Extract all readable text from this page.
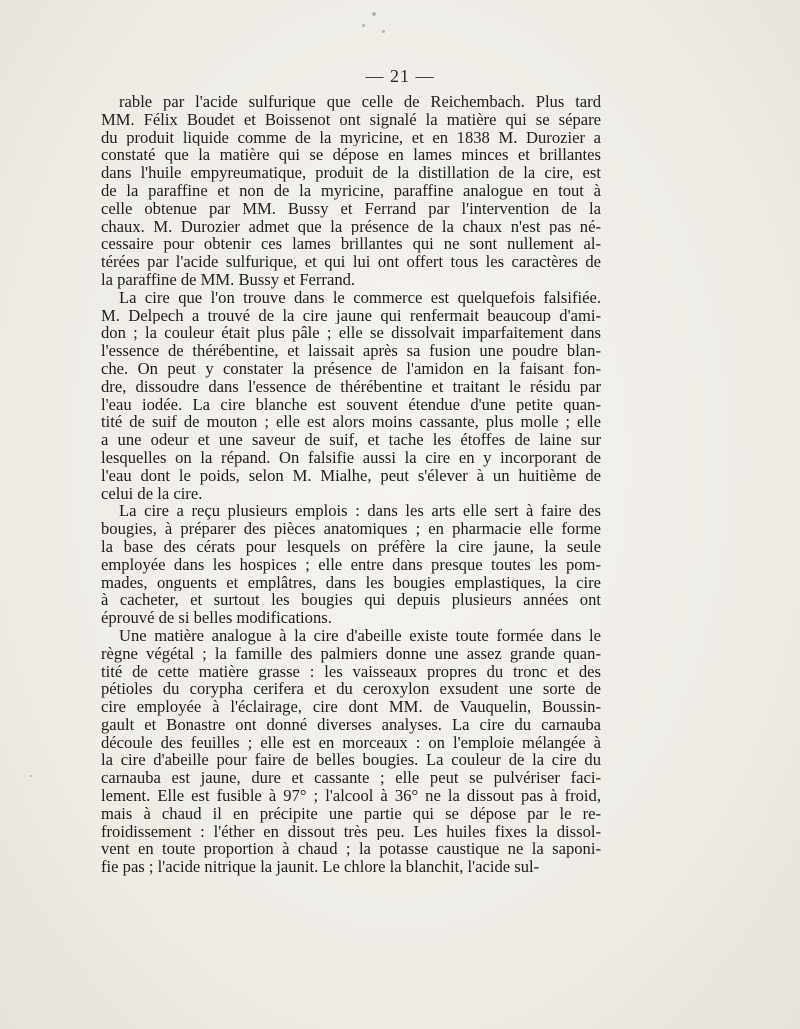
— 21 —
rable par l'acide sulfurique que celle de Reichembach. Plus tard
MM. Félix Boudet et Boissenot ont signalé la matière qui se sépare
du produit liquide comme de la myricine, et en 1838 M. Durozier a
constaté que la matière qui se dépose en lames minces et brillantes
dans l'huile empyreumatique, produit de la distillation de la cire, est
de la paraffine et non de la myricine, paraffine analogue en tout à
celle obtenue par MM. Bussy et Ferrand par l'intervention de la
chaux. M. Durozier admet que la présence de la chaux n'est pas né-
cessaire pour obtenir ces lames brillantes qui ne sont nullement al-
térées par l'acide sulfurique, et qui lui ont offert tous les caractères de
la paraffine de MM. Bussy et Ferrand.
La cire que l'on trouve dans le commerce est quelquefois falsifiée.
M. Delpech a trouvé de la cire jaune qui renfermait beaucoup d'ami-
don ; la couleur était plus pâle ; elle se dissolvait imparfaitement dans
l'essence de thérébentine, et laissait après sa fusion une poudre blan-
che. On peut y constater la présence de l'amidon en la faisant fon-
dre, dissoudre dans l'essence de thérébentine et traitant le résidu par
l'eau iodée. La cire blanche est souvent étendue d'une petite quan-
tité de suif de mouton ; elle est alors moins cassante, plus molle ; elle
a une odeur et une saveur de suif, et tache les étoffes de laine sur
lesquelles on la répand. On falsifie aussi la cire en y incorporant de
l'eau dont le poids, selon M. Mialhe, peut s'élever à un huitième de
celui de la cire.
La cire a reçu plusieurs emplois : dans les arts elle sert à faire des
bougies, à préparer des pièces anatomiques ; en pharmacie elle forme
la base des cérats pour lesquels on préfère la cire jaune, la seule
employée dans les hospices ; elle entre dans presque toutes les pom-
mades, onguents et emplâtres, dans les bougies emplastiques, la cire
à cacheter, et surtout les bougies qui depuis plusieurs années ont
éprouvé de si belles modifications.
Une matière analogue à la cire d'abeille existe toute formée dans le
règne végétal ; la famille des palmiers donne une assez grande quan-
tité de cette matière grasse : les vaisseaux propres du tronc et des
pétioles du corypha cerifera et du ceroxylon exsudent une sorte de
cire employée à l'éclairage, cire dont MM. de Vauquelin, Boussin-
gault et Bonastre ont donné diverses analyses. La cire du carnauba
découle des feuilles ; elle est en morceaux : on l'emploie mélangée à
la cire d'abeille pour faire de belles bougies. La couleur de la cire du
carnauba est jaune, dure et cassante ; elle peut se pulvériser faci-
lement. Elle est fusible à 97° ; l'alcool à 36° ne la dissout pas à froid,
mais à chaud il en précipite une partie qui se dépose par le re-
froidissement : l'éther en dissout très peu. Les huiles fixes la dissol-
vent en toute proportion à chaud ; la potasse caustique ne la saponi-
fie pas ; l'acide nitrique la jaunit. Le chlore la blanchit, l'acide sul-
